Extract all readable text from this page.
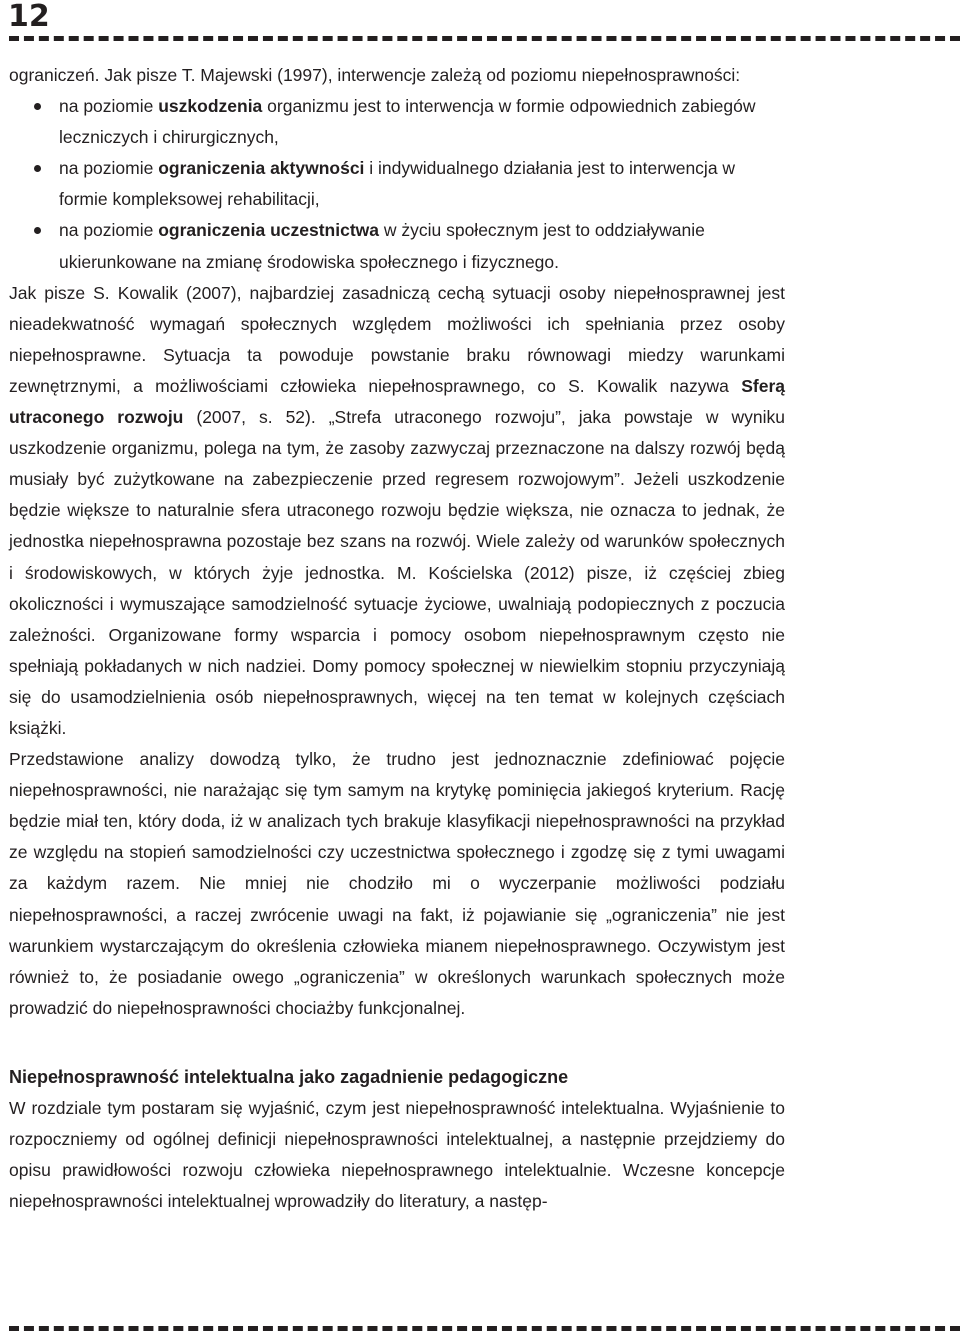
12

ograniczeń. Jak pisze T. Majewski (1997), interwencje zależą od poziomu niepełnosprawności:

na poziomie uszkodzenia organizmu jest to interwencja w formie odpowiednich zabiegów leczniczych i chirurgicznych,
na poziomie ograniczenia aktywności i indywidualnego działania jest to interwencja w formie kompleksowej rehabilitacji,
na poziomie ograniczenia uczestnictwa w życiu społecznym jest to oddziaływanie ukierunkowane na zmianę środowiska społecznego i fizycznego.

Jak pisze S. Kowalik (2007), najbardziej zasadniczą cechą sytuacji osoby niepełnosprawnej jest nieadekwatność wymagań społecznych względem możliwości ich spełniania przez osoby niepełnosprawne. Sytuacja ta powoduje powstanie braku równowagi miedzy warunkami zewnętrznymi, a możliwościami człowieka niepełnosprawnego, co S. Kowalik nazywa Sferą utraconego rozwoju (2007, s. 52). „Strefa utraconego rozwoju”, jaka powstaje w wyniku uszkodzenie organizmu, polega na tym, że zasoby zazwyczaj przeznaczone na dalszy rozwój będą musiały być zużytkowane na zabezpieczenie przed regresem rozwojowym”. Jeżeli uszkodzenie będzie większe to naturalnie sfera utraconego rozwoju będzie większa, nie oznacza to jednak, że jednostka niepełnosprawna pozostaje bez szans na rozwój. Wiele zależy od warunków społecznych i środowiskowych, w których żyje jednostka. M. Kościelska (2012) pisze, iż częściej zbieg okoliczności i wymuszające samodzielność sytuacje życiowe, uwalniają podopiecznych z poczucia zależności. Organizowane formy wsparcia i pomocy osobom niepełnosprawnym często nie spełniają pokładanych w nich nadziei. Domy pomocy społecznej w niewielkim stopniu przyczyniają się do usamodzielnienia osób niepełnosprawnych, więcej na ten temat w kolejnych częściach książki.

Przedstawione analizy dowodzą tylko, że trudno jest jednoznacznie zdefiniować pojęcie niepełnosprawności, nie narażając się tym samym na krytykę pominięcia jakiegoś kryterium. Rację będzie miał ten, który doda, iż w analizach tych brakuje klasyfikacji niepełnosprawności na przykład ze względu na stopień samodzielności czy uczestnictwa społecznego i zgodzę się z tymi uwagami za każdym razem. Nie mniej nie chodziło mi o wyczerpanie możliwości podziału niepełnosprawności, a raczej zwrócenie uwagi na fakt, iż pojawianie się „ograniczenia” nie jest warunkiem wystarczającym do określenia człowieka mianem niepełnosprawnego. Oczywistym jest również to, że posiadanie owego „ograniczenia” w określonych warunkach społecznych może prowadzić do niepełnosprawności chociażby funkcjonalnej.

Niepełnosprawność intelektualna jako zagadnienie pedagogiczne

W rozdziale tym postaram się wyjaśnić, czym jest niepełnosprawność intelektualna. Wyjaśnienie to rozpoczniemy od ogólnej definicji niepełnosprawności intelektualnej, a następnie przejdziemy do opisu prawidłowości rozwoju człowieka niepełnosprawnego intelektualnie. Wczesne koncepcje niepełnosprawności intelektualnej wprowadziły do literatury, a następ-
